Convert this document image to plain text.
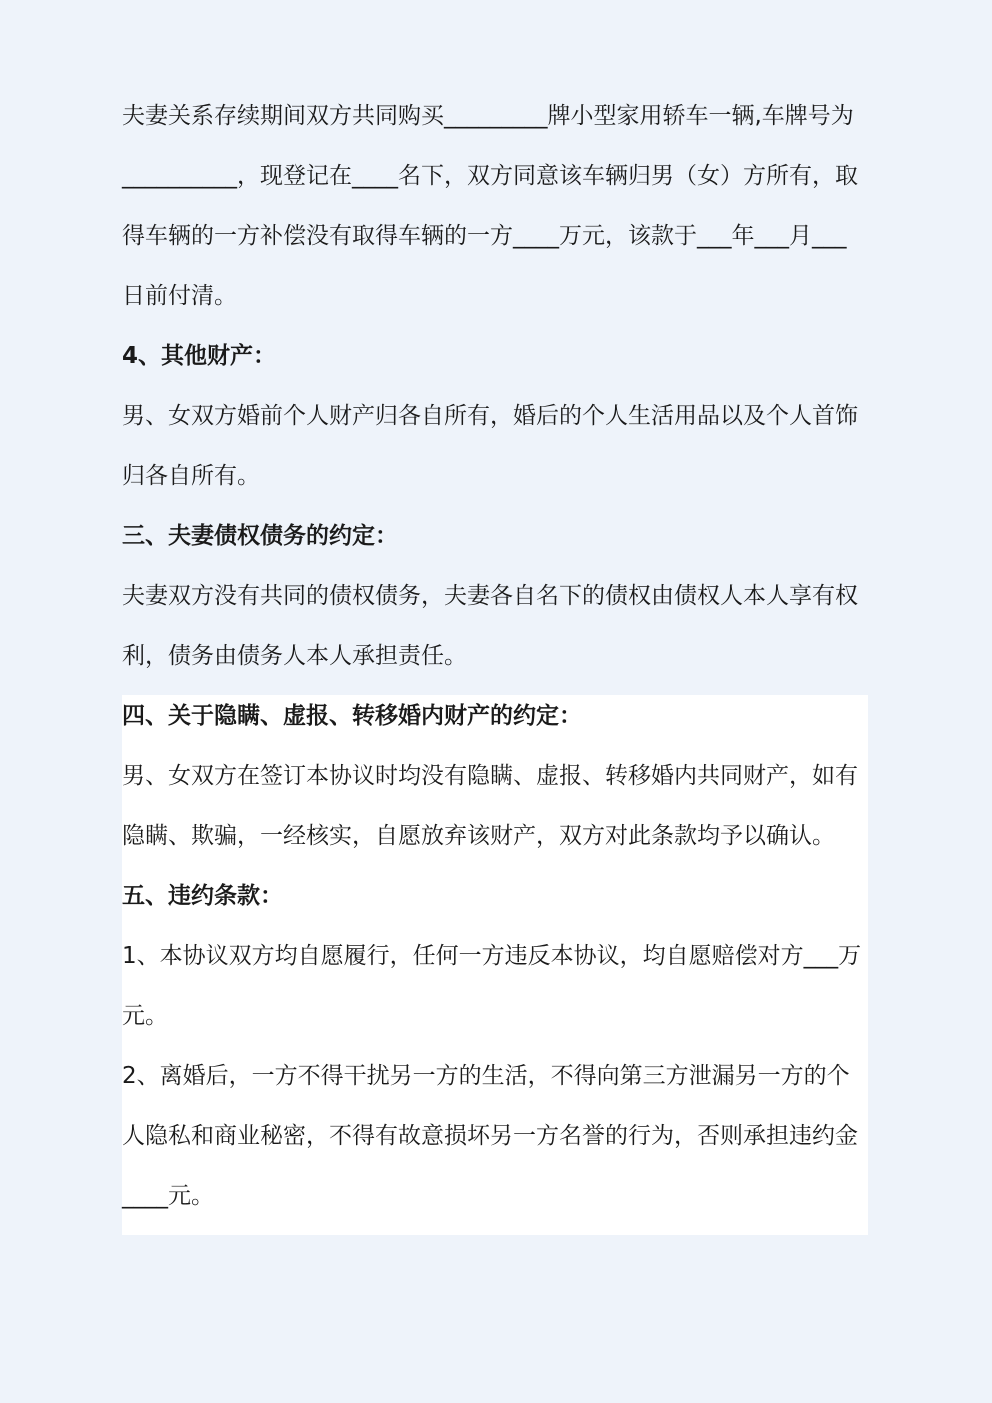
夫妻关系存续期间双方共同购买_________牌小型家用轿车一辆,车牌号为
__________，现登记在____名下，双方同意该车辆归男（女）方所有，取
得车辆的一方补偿没有取得车辆的一方____万元，该款于___年___月___
日前付清。
4、其他财产：
男、女双方婚前个人财产归各自所有，婚后的个人生活用品以及个人首饰
归各自所有。
三、夫妻债权债务的约定：
夫妻双方没有共同的债权债务，夫妻各自名下的债权由债权人本人享有权
利，债务由债务人本人承担责任。
四、关于隐瞒、虚报、转移婚内财产的约定：
男、女双方在签订本协议时均没有隐瞒、虚报、转移婚内共同财产，如有
隐瞒、欺骗，一经核实，自愿放弃该财产，双方对此条款均予以确认。
五、违约条款：
1、本协议双方均自愿履行，任何一方违反本协议，均自愿赔偿对方___万
元。
2、离婚后，一方不得干扰另一方的生活，不得向第三方泄漏另一方的个
人隐私和商业秘密，不得有故意损坏另一方名誉的行为，否则承担违约金
____元。
